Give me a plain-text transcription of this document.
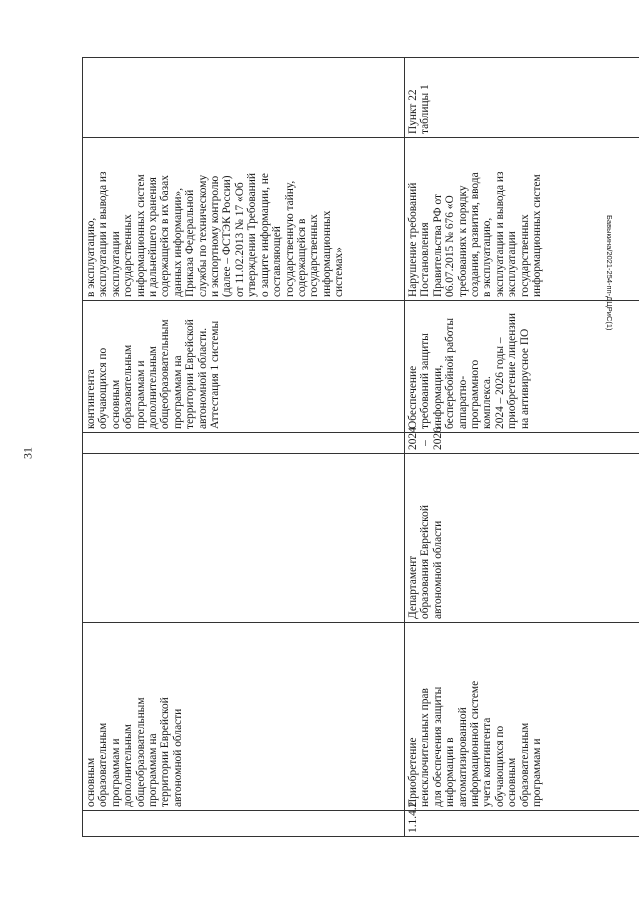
31
Бавыкина/2021-254-пп-ДЦРиС(1)
основным
образовательным
программам и
дополнительным
общеобразовательным
программам на
территории Еврейской
автономной области
контингента
обучающихся по
основным
образовательным
программам и
дополнительным
общеобразовательным
программам на
территории Еврейской
автономной области.
Аттестация 1 системы
в эксплуатацию,
эксплуатации и вывода из
эксплуатации
государственных
информационных систем
и дальнейшего хранения
содержащейся в их базах
данных информации»,
Приказа Федеральной
службы по техническому
и экспортному контролю
(далее – ФСТЭК России)
от 11.02.2013 № 17 «Об
утверждении Требований
о защите информации, не
составляющей
государственную тайну,
содержащейся в
государственных
информационных
системах»
1.1.4.2
Приобретение
неисключительных прав
для обеспечения защиты
информации в
автоматизированной
информационной системе
учета контингента
обучающихся по
основным
образовательным
программам и
Департамент
образования Еврейской
автономной области
2024 –
2026
Обеспечение
требований защиты
информации,
бесперебойной работы
аппаратно-
программного
комплекса.
2024 – 2026 годы –
приобретение лицензии
на антивирусное ПО
Нарушение требований
Постановления
Правительства РФ от
06.07.2015 № 676 «О
требованиях к порядку
создания, развития, ввода
в эксплуатацию,
эксплуатации и вывода из
эксплуатации
государственных
информационных систем
Пункт 22
таблицы 1
